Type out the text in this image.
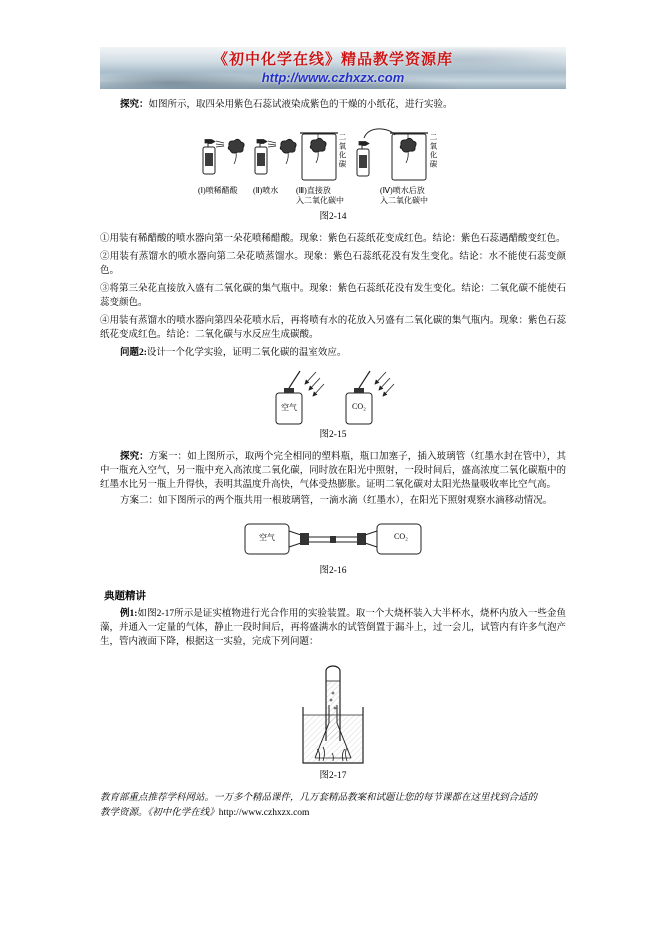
《初中化学在线》精品教学资源库
http://www.czhxzx.com

探究：如图所示，取四朵用紫色石蕊试液染成紫色的干燥的小纸花，进行实验。

二氧化碳	二氧化碳
(Ⅰ)喷稀醋酸 (Ⅱ)喷水 (Ⅲ)直接放
入二氧化碳中
(Ⅳ)喷水后放
入二氧化碳中
图2-14

①用装有稀醋酸的喷水器向第一朵花喷稀醋酸。现象：紫色石蕊纸花变成红色。结论：紫色石蕊遇醋酸变红色。

②用装有蒸馏水的喷水器向第二朵花喷蒸馏水。现象：紫色石蕊纸花没有发生变化。结论：水不能使石蕊变颜色。

③将第三朵花直接放入盛有二氧化碳的集气瓶中。现象：紫色石蕊纸花没有发生变化。结论：二氧化碳不能使石蕊变颜色。

④用装有蒸馏水的喷水器向第四朵花喷水后，再将喷有水的花放入另盛有二氧化碳的集气瓶内。现象：紫色石蕊纸花变成红色。结论：二氧化碳与水反应生成碳酸。

问题2:设计一个化学实验，证明二氧化碳的温室效应。

空气	CO₂
图2-15

探究：方案一：如上图所示，取两个完全相同的塑料瓶，瓶口加塞子，插入玻璃管（红墨水封在管中），其中一瓶充入空气，另一瓶中充入高浓度二氧化碳，同时放在阳光中照射，一段时间后，盛高浓度二氧化碳瓶中的红墨水比另一瓶上升得快，表明其温度升高快，气体受热膨胀。证明二氧化碳对太阳光热量吸收率比空气高。

方案二：如下图所示的两个瓶共用一根玻璃管，一滴水滴（红墨水），在阳光下照射观察水滴移动情况。

空气	CO₂
图2-16
典题精讲

例1:如图2-17所示是证实植物进行光合作用的实验装置。取一个大烧杯装入大半杯水，烧杯内放入一些金鱼藻，并通入一定量的气体，静止一段时间后，再将盛满水的试管倒置于漏斗上，过一会儿，试管内有许多气泡产生，管内液面下降，根据这一实验，完成下列问题：

图2-17
教育部重点推荐学科网站。一万多个精品课件，几万套精品教案和试题让您的每节课都在这里找到合适的
教学资源。《初中化学在线》http://www.czhxzx.com
